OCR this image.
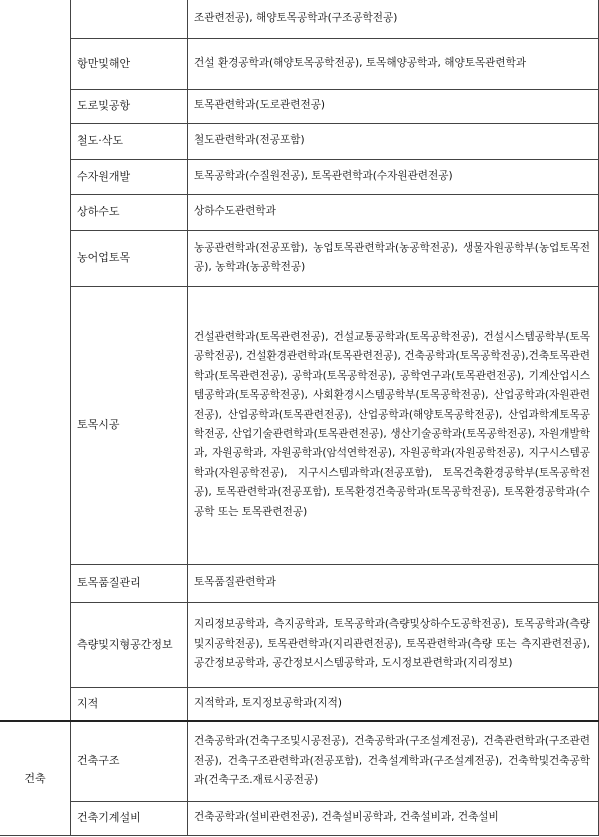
		조관련전공), 해양토목공학과(구조공학전공)
	항만및해안	건설 환경공학과(해양토목공학전공), 토목해양공학과, 해양토목관련학과
	도로및공항	토목관련학과(도로관련전공)
	철도·삭도	철도관련학과(전공포함)
	수자원개발	토목공학과(수질원전공), 토목관련학과(수자원관련전공)
	상하수도	상하수도관련학과
	농어업토목	농공관련학과(전공포함), 농업토목관련학과(농공학전공), 생물자원공학부(농업토목전공), 농학과(농공학전공)
	토목시공	건설관련학과(토목관련전공), 건설교통공학과(토목공학전공), 건설시스템공학부(토목공학전공), 건설환경관련학과(토목관련전공), 건축공학과(토목공학전공),건축토목관련학과(토목관련전공), 공학과(토목공학전공), 공학연구과(토목관련전공), 기계산업시스템공학과(토목공학전공), 사회환경시스템공학부(토목공학전공), 산업공학과(자원관련전공), 산업공학과(토목관련전공), 산업공학과(해양토목공학전공), 산업과학계토목공학전공, 산업기술관련학과(토목관련전공), 생산기술공학과(토목공학전공), 자원개발학과, 자원공학과, 자원공학과(암석연학전공), 자원공학과(자원공학전공), 지구시스템공학과(자원공학전공), 지구시스템과학과(전공포함), 토목건축환경공학부(토목공학전공), 토목관련학과(전공포함), 토목환경건축공학과(토목공학전공), 토목환경공학과(수공학 또는 토목관련전공)
	토목품질관리	토목품질관련학과
	측량및지형공간정보	지리정보공학과, 측지공학과, 토목공학과(측량및상하수도공학전공), 토목공학과(측량및지공학전공), 토목관련학과(지리관련전공), 토목관련학과(측량 또는 측지관련전공), 공간정보공학과, 공간정보시스템공학과, 도시정보관련학과(지리정보)
	지적	지적학과, 토지정보공학과(지적)
건축	건축구조	건축공학과(건축구조및시공전공), 건축공학과(구조설계전공), 건축관련학과(구조관련전공), 건축구조관련학과(전공포함), 건축설계학과(구조설계전공), 건축학및건축공학과(건축구조.재료시공전공)
	건축기계설비	건축공학과(설비관련전공), 건축설비공학과, 건축설비과, 건축설비
